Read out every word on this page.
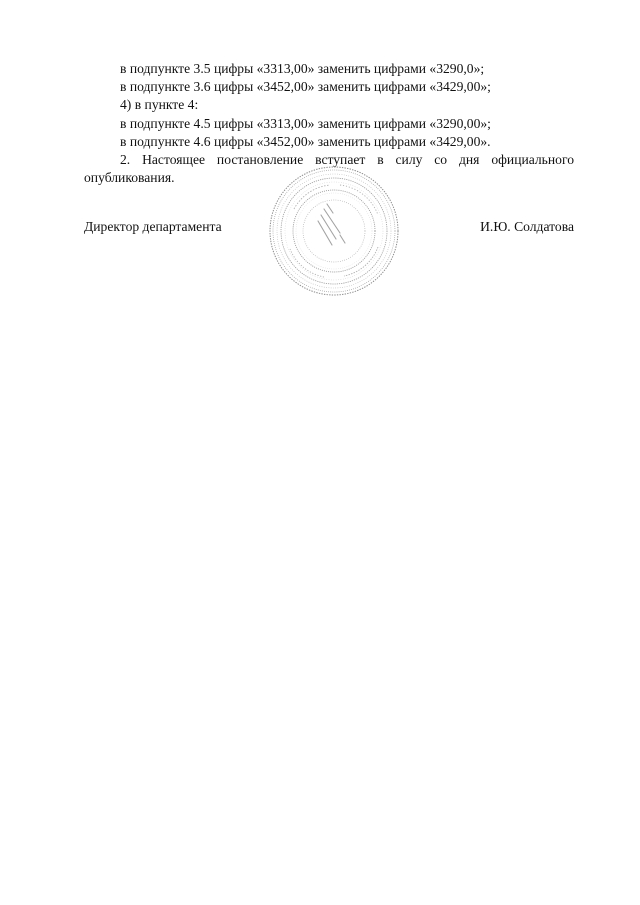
в подпункте 3.5 цифры «3313,00» заменить цифрами «3290,0»;

в подпункте 3.6 цифры «3452,00» заменить цифрами «3429,00»;

4) в пункте 4:

в подпункте 4.5 цифры «3313,00» заменить цифрами «3290,00»;

в подпункте 4.6 цифры «3452,00» заменить цифрами «3429,00».

2. Настоящее постановление вступает в силу со дня официального опубликования.

Директор департамента	И.Ю. Солдатова
